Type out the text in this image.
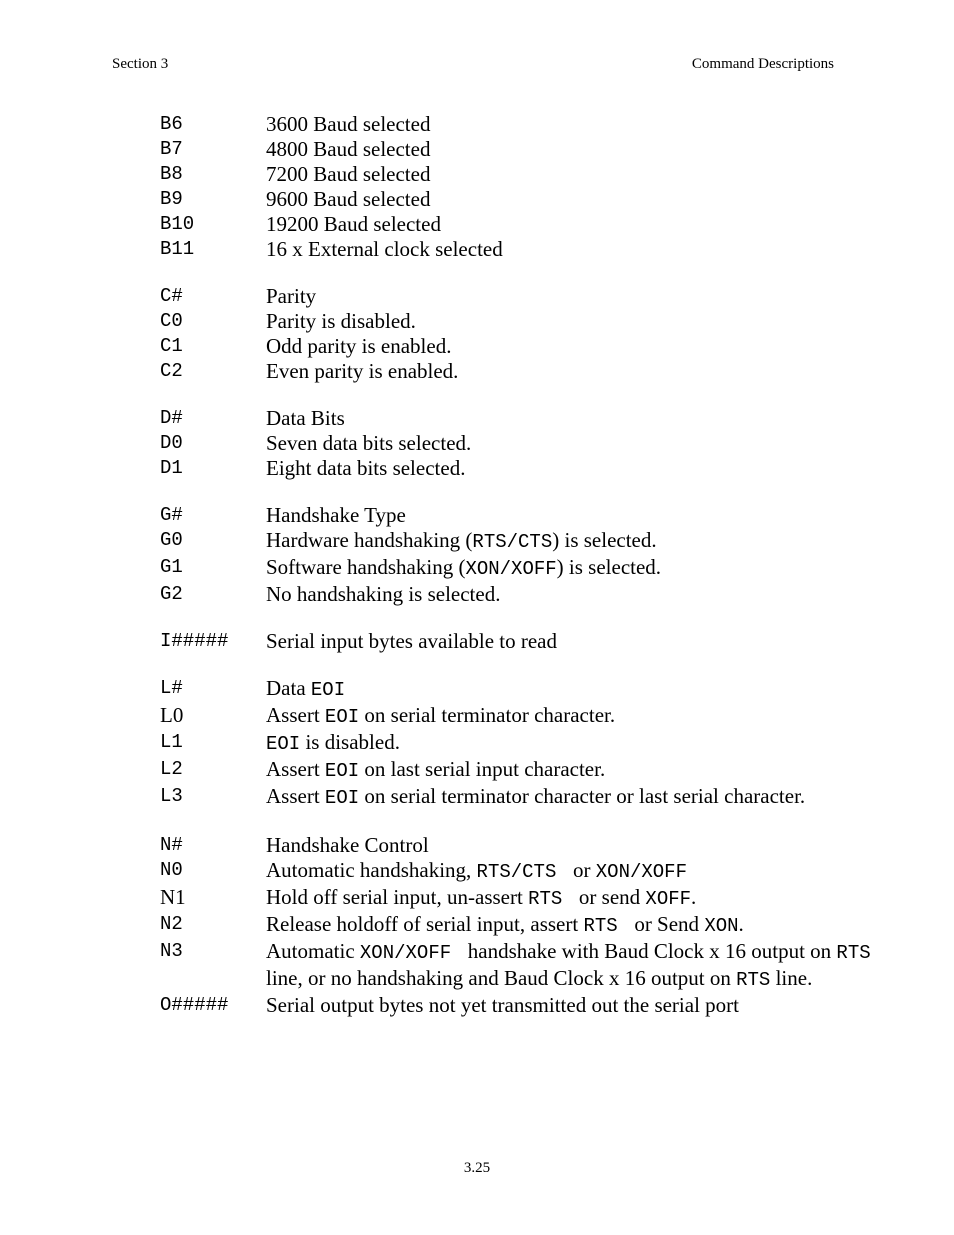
Section 3	Command Descriptions
B6	3600 Baud selected
B7	4800 Baud selected
B8	7200 Baud selected
B9	9600 Baud selected
B10	19200 Baud selected
B11	16 x External clock selected
C#	Parity
C0	Parity is disabled.
C1	Odd parity is enabled.
C2	Even parity is enabled.
D#	Data Bits
D0	Seven data bits selected.
D1	Eight data bits selected.
G#	Handshake Type
G0	Hardware handshaking (RTS/CTS) is selected.
G1	Software handshaking (XON/XOFF) is selected.
G2	No handshaking is selected.
I#####	Serial input bytes available to read
L#	Data EOI
L0	Assert EOI on serial terminator character.
L1	EOI is disabled.
L2	Assert EOI on last serial input character.
L3	Assert EOI on serial terminator character or last serial character.
N#	Handshake Control
N0	Automatic handshaking, RTS/CTS  or XON/XOFF
N1	Hold off serial input, un-assert RTS  or send XOFF.
N2	Release holdoff of serial input, assert RTS  or Send XON.
N3	Automatic XON/XOFF  handshake with Baud Clock x 16 output on RTS line, or no handshaking and Baud Clock x 16 output on RTS line.
O#####	Serial output bytes not yet transmitted out the serial port
3.25
